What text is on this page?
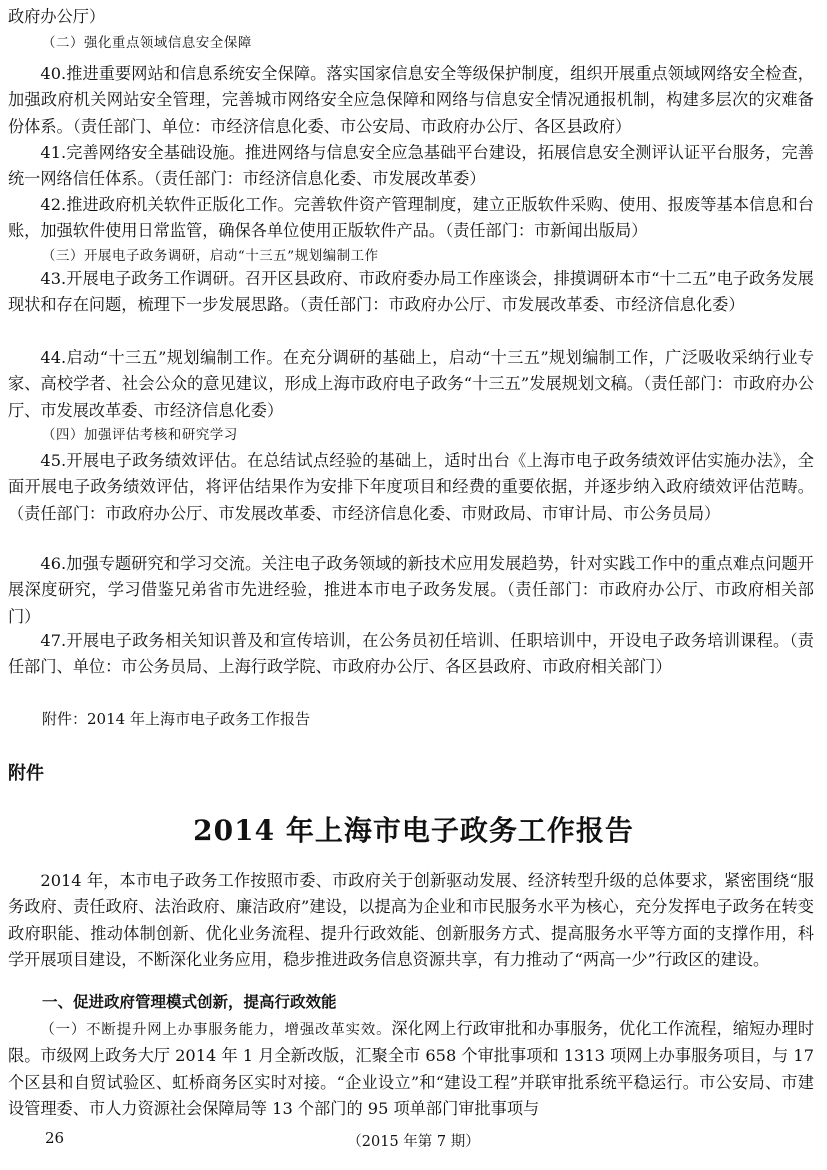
政府办公厅）

（二）强化重点领域信息安全保障

40.推进重要网站和信息系统安全保障。落实国家信息安全等级保护制度，组织开展重点领域网络安全检查，加强政府机关网站安全管理，完善城市网络安全应急保障和网络与信息安全情况通报机制，构建多层次的灾难备份体系。（责任部门、单位：市经济信息化委、市公安局、市政府办公厅、各区县政府）

41.完善网络安全基础设施。推进网络与信息安全应急基础平台建设，拓展信息安全测评认证平台服务，完善统一网络信任体系。（责任部门：市经济信息化委、市发展改革委）

42.推进政府机关软件正版化工作。完善软件资产管理制度，建立正版软件采购、使用、报废等基本信息和台账，加强软件使用日常监管，确保各单位使用正版软件产品。（责任部门：市新闻出版局）

（三）开展电子政务调研，启动“十三五”规划编制工作

43.开展电子政务工作调研。召开区县政府、市政府委办局工作座谈会，排摸调研本市“十二五”电子政务发展现状和存在问题，梳理下一步发展思路。（责任部门：市政府办公厅、市发展改革委、市经济信息化委）

44.启动“十三五”规划编制工作。在充分调研的基础上，启动“十三五”规划编制工作，广泛吸收采纳行业专家、高校学者、社会公众的意见建议，形成上海市政府电子政务“十三五”发展规划文稿。（责任部门：市政府办公厅、市发展改革委、市经济信息化委）

（四）加强评估考核和研究学习

45.开展电子政务绩效评估。在总结试点经验的基础上，适时出台《上海市电子政务绩效评估实施办法》，全面开展电子政务绩效评估，将评估结果作为安排下年度项目和经费的重要依据，并逐步纳入政府绩效评估范畴。（责任部门：市政府办公厅、市发展改革委、市经济信息化委、市财政局、市审计局、市公务员局）

46.加强专题研究和学习交流。关注电子政务领域的新技术应用发展趋势，针对实践工作中的重点难点问题开展深度研究，学习借鉴兄弟省市先进经验，推进本市电子政务发展。（责任部门：市政府办公厅、市政府相关部门）

47.开展电子政务相关知识普及和宣传培训，在公务员初任培训、任职培训中，开设电子政务培训课程。（责任部门、单位：市公务员局、上海行政学院、市政府办公厅、各区县政府、市政府相关部门）

附件：2014 年上海市电子政务工作报告

附件

2014 年上海市电子政务工作报告

2014 年，本市电子政务工作按照市委、市政府关于创新驱动发展、经济转型升级的总体要求，紧密围绕“服务政府、责任政府、法治政府、廉洁政府”建设，以提高为企业和市民服务水平为核心，充分发挥电子政务在转变政府职能、推动体制创新、优化业务流程、提升行政效能、创新服务方式、提高服务水平等方面的支撑作用，科学开展项目建设，不断深化业务应用，稳步推进政务信息资源共享，有力推动了“两高一少”行政区的建设。

一、促进政府管理模式创新，提高行政效能

（一）不断提升网上办事服务能力，增强改革实效。深化网上行政审批和办事服务，优化工作流程，缩短办理时限。市级网上政务大厅 2014 年 1 月全新改版，汇聚全市 658 个审批事项和 1313 项网上办事服务项目，与 17 个区县和自贸试验区、虹桥商务区实时对接。“企业设立”和“建设工程”并联审批系统平稳运行。市公安局、市建设管理委、市人力资源社会保障局等 13 个部门的 95 项单部门审批事项与

26	（2015 年第 7 期）
